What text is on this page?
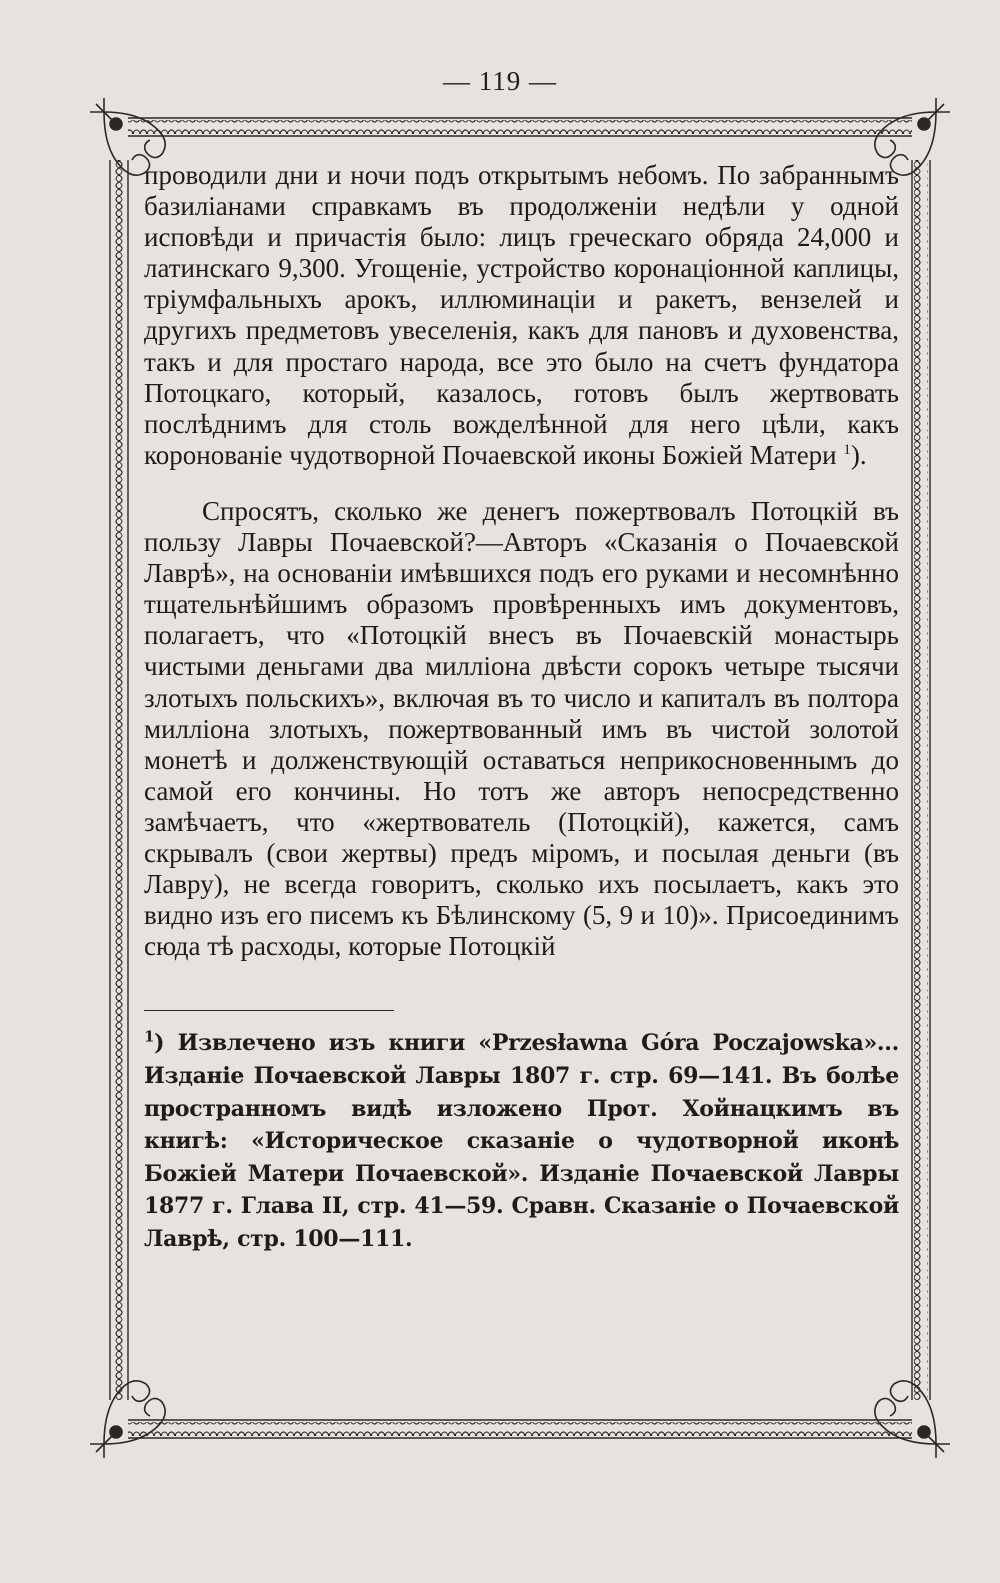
— 119 —

проводили дни и ночи подъ открытымъ небомъ. По забраннымъ базиліанами справкамъ въ продолженіи недѣли у одной исповѣди и причастія было: лицъ греческаго обряда 24,000 и латинскаго 9,300. Угощеніе, устройство коронаціонной каплицы, тріумфальныхъ арокъ, иллюминаціи и ракетъ, вензелей и другихъ предметовъ увеселенія, какъ для пановъ и духовенства, такъ и для простаго народа, все это было на счетъ фундатора Потоцкаго, который, казалось, готовъ былъ жертвовать послѣднимъ для столь вожделѣнной для него цѣли, какъ коронованіе чудотворной Почаевской иконы Божіей Матери $^1$).

Спросятъ, сколько же денегъ пожертвовалъ Потоцкій въ пользу Лавры Почаевской?—Авторъ «Сказанія о Почаевской Лаврѣ», на основаніи имѣвшихся подъ его руками и несомнѣнно тщательнѣйшимъ образомъ провѣренныхъ имъ документовъ, полагаетъ, что «Потоцкій внесъ въ Почаевскій монастырь чистыми деньгами два милліона двѣсти сорокъ четыре тысячи злотыхъ польскихъ», включая въ то число и капиталъ въ полтора милліона злотыхъ, пожертвованный имъ въ чистой золотой монетѣ и долженствующій оставаться неприкосновеннымъ до самой его кончины. Но тотъ же авторъ непосредственно замѣчаетъ, что «жертвователь (Потоцкій), кажется, самъ скрывалъ (свои жертвы) предъ міромъ, и посылая деньги (въ Лавру), не всегда говоритъ, сколько ихъ посылаетъ, какъ это видно изъ его писемъ къ Бѣлинскому (5, 9 и 10)». Присоединимъ сюда тѣ расходы, которые Потоцкій

$^1$) Извлечено изъ книги «Przesławna Góra Poczajowska»... Изданіе Почаевской Лавры 1807 г. стр. 69—141. Въ болѣе пространномъ видѣ изложено Прот. Хойнацкимъ въ книгѣ: «Историческое сказаніе о чудотворной иконѣ Божіей Матери Почаевской». Изданіе Почаевской Лавры 1877 г. Глава II, стр. 41—59. Сравн. Сказаніе о Почаевской Лаврѣ, стр. 100—111.
